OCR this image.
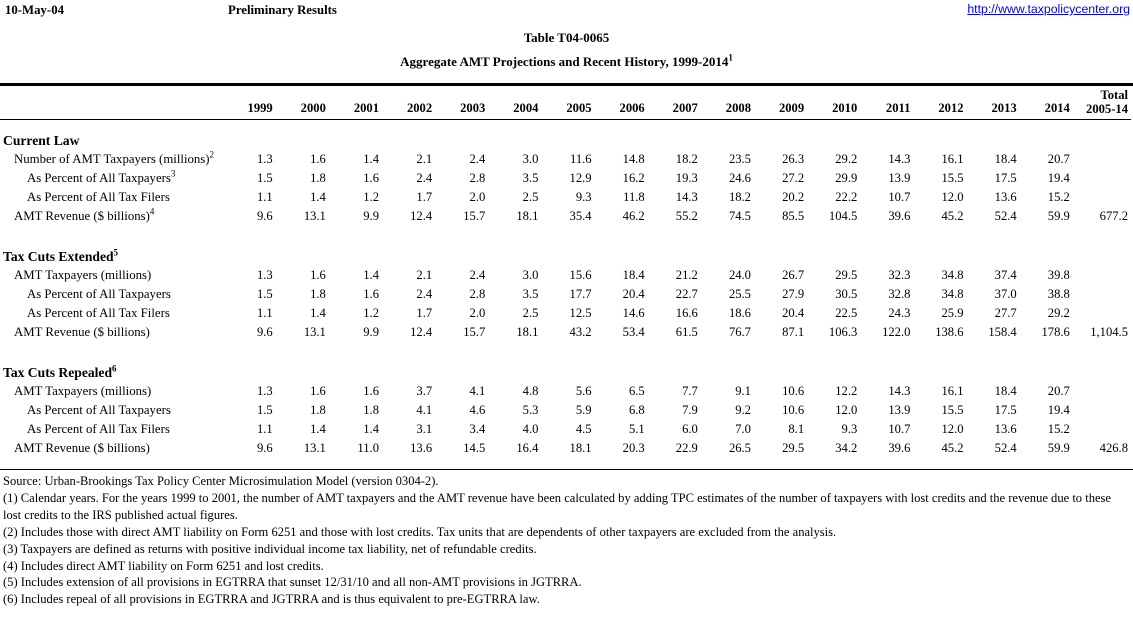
10-May-04	Preliminary Results	http://www.taxpolicycenter.org
Table T04-0065
Aggregate AMT Projections and Recent History, 1999-2014$^1$
	1999	2000	2001	2002	2003	2004	2005	2006	2007	2008	2009	2010	2011	2012	2013	2014	Total
2005-14

Current Law																	
Number of AMT Taxpayers (millions)$^2$	1.3	1.6	1.4	2.1	2.4	3.0	11.6	14.8	18.2	23.5	26.3	29.2	14.3	16.1	18.4	20.7	
As Percent of All Taxpayers$^3$	1.5	1.8	1.6	2.4	2.8	3.5	12.9	16.2	19.3	24.6	27.2	29.9	13.9	15.5	17.5	19.4	
As Percent of All Tax Filers	1.1	1.4	1.2	1.7	2.0	2.5	9.3	11.8	14.3	18.2	20.2	22.2	10.7	12.0	13.6	15.2	
AMT Revenue ($ billions)$^4$	9.6	13.1	9.9	12.4	15.7	18.1	35.4	46.2	55.2	74.5	85.5	104.5	39.6	45.2	52.4	59.9	677.2
Tax Cuts Extended$^5$
AMT Taxpayers (millions)	1.3	1.6	1.4	2.1	2.4	3.0	15.6	18.4	21.2	24.0	26.7	29.5	32.3	34.8	37.4	39.8	
As Percent of All Taxpayers	1.5	1.8	1.6	2.4	2.8	3.5	17.7	20.4	22.7	25.5	27.9	30.5	32.8	34.8	37.0	38.8	
As Percent of All Tax Filers	1.1	1.4	1.2	1.7	2.0	2.5	12.5	14.6	16.6	18.6	20.4	22.5	24.3	25.9	27.7	29.2	
AMT Revenue ($ billions)	9.6	13.1	9.9	12.4	15.7	18.1	43.2	53.4	61.5	76.7	87.1	106.3	122.0	138.6	158.4	178.6	1,104.5
Tax Cuts Repealed$^6$
AMT Taxpayers (millions)	1.3	1.6	1.6	3.7	4.1	4.8	5.6	6.5	7.7	9.1	10.6	12.2	14.3	16.1	18.4	20.7	
As Percent of All Taxpayers	1.5	1.8	1.8	4.1	4.6	5.3	5.9	6.8	7.9	9.2	10.6	12.0	13.9	15.5	17.5	19.4	
As Percent of All Tax Filers	1.1	1.4	1.4	3.1	3.4	4.0	4.5	5.1	6.0	7.0	8.1	9.3	10.7	12.0	13.6	15.2	
AMT Revenue ($ billions)	9.6	13.1	11.0	13.6	14.5	16.4	18.1	20.3	22.9	26.5	29.5	34.2	39.6	45.2	52.4	59.9	426.8
Source: Urban-Brookings Tax Policy Center Microsimulation Model (version 0304-2).
(1) Calendar years. For the years 1999 to 2001, the number of AMT taxpayers and the AMT revenue have been calculated by adding TPC estimates of the number of taxpayers with lost credits and the revenue due to these lost credits to the IRS published actual figures.
(2) Includes those with direct AMT liability on Form 6251 and those with lost credits. Tax units that are dependents of other taxpayers are excluded from the analysis.
(3) Taxpayers are defined as returns with positive individual income tax liability, net of refundable credits.
(4) Includes direct AMT liability on Form 6251 and lost credits.
(5) Includes extension of all provisions in EGTRRA that sunset 12/31/10 and all non-AMT provisions in JGTRRA.
(6) Includes repeal of all provisions in EGTRRA and JGTRRA and is thus equivalent to pre-EGTRRA law.
